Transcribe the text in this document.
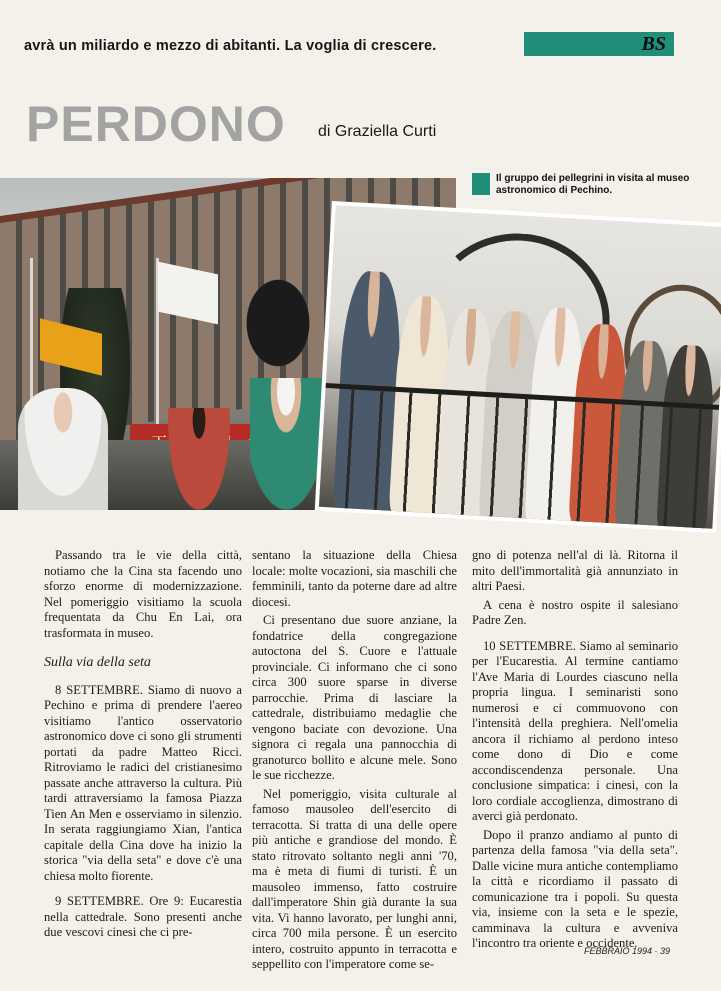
avrà un miliardo e mezzo di abitanti. La voglia di crescere.	BS
PERDONO di Graziella Curti
Il gruppo dei pellegrini in visita al museo astronomico di Pechino.

Passando tra le vie della città, notiamo che la Cina sta facendo uno sforzo enorme di modernizzazione. Nel pomeriggio visitiamo la scuola frequentata da Chu En Lai, ora trasformata in museo.

Sulla via della seta

8 SETTEMBRE. Siamo di nuovo a Pechino e prima di prendere l'aereo visitiamo l'antico osservatorio astronomico dove ci sono gli strumenti portati da padre Matteo Ricci. Ritroviamo le radici del cristianesimo passate anche attraverso la cultura. Più tardi attraversiamo la famosa Piazza Tien An Men e osserviamo in silenzio. In serata raggiungiamo Xian, l'antica capitale della Cina dove ha inizio la storica "via della seta" e dove c'è una chiesa molto fiorente.

9 SETTEMBRE. Ore 9: Eucarestia nella cattedrale. Sono presenti anche due vescovi cinesi che ci pre-

sentano la situazione della Chiesa locale: molte vocazioni, sia maschili che femminili, tanto da poterne dare ad altre diocesi.

Ci presentano due suore anziane, la fondatrice della congregazione autoctona del S. Cuore e l'attuale provinciale. Ci informano che ci sono circa 300 suore sparse in diverse parrocchie. Prima di lasciare la cattedrale, distribuiamo medaglie che vengono baciate con devozione. Una signora ci regala una pannocchia di granoturco bollito e alcune mele. Sono le sue ricchezze.

Nel pomeriggio, visita culturale al famoso mausoleo dell'esercito di terracotta. Si tratta di una delle opere più antiche e grandiose del mondo. È stato ritrovato soltanto negli anni '70, ma è meta di fiumi di turisti. È un mausoleo immenso, fatto costruire dall'imperatore Shin già durante la sua vita. Vi hanno lavorato, per lunghi anni, circa 700 mila persone. È un esercito intero, costruito appunto in terracotta e seppellito con l'imperatore come se-

gno di potenza nell'al di là. Ritorna il mito dell'immortalità già annunziato in altri Paesi.

A cena è nostro ospite il salesiano Padre Zen.

10 SETTEMBRE. Siamo al seminario per l'Eucarestia. Al termine cantiamo l'Ave Maria di Lourdes ciascuno nella propria lingua. I seminaristi sono numerosi e ci commuovono con l'intensità della preghiera. Nell'omelia ancora il richiamo al perdono inteso come dono di Dio e come accondiscendenza personale. Una conclusione simpatica: i cinesi, con la loro cordiale accoglienza, dimostrano di averci già perdonato.

Dopo il pranzo andiamo al punto di partenza della famosa "via della seta". Dalle vicine mura antiche contempliamo la città e ricordiamo il passato di comunicazione tra i popoli. Su questa via, insieme con la seta e le spezie, camminava la cultura e avveniva l'incontro tra oriente e occidente.

FEBBRAIO 1994 · 39
